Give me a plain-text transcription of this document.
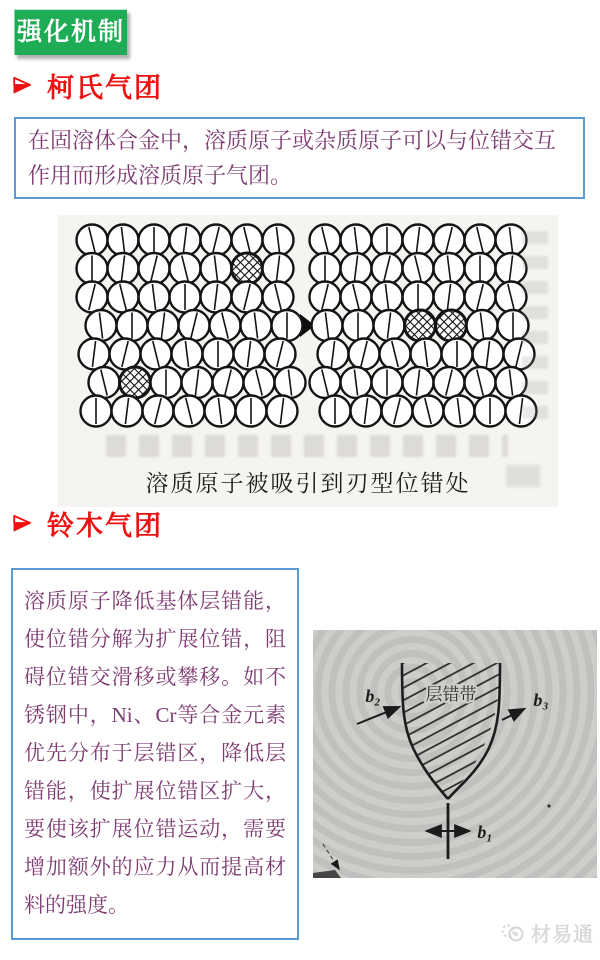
强化机制
柯氏气团
在固溶体合金中，溶质原子或杂质原子可以与位错交互作用而形成溶质原子气团。
溶质原子被吸引到刃型位错处
铃木气团
溶质原子降低基体层错能，使位错分解为扩展位错，阻碍位错交滑移或攀移。如不锈钢中，Ni、Cr等合金元素优先分布于层错区，降低层错能，使扩展位错区扩大，要使该扩展位错运动，需要增加额外的应力从而提高材料的强度。
层错带
b₂	b₃
b₁
材易通
